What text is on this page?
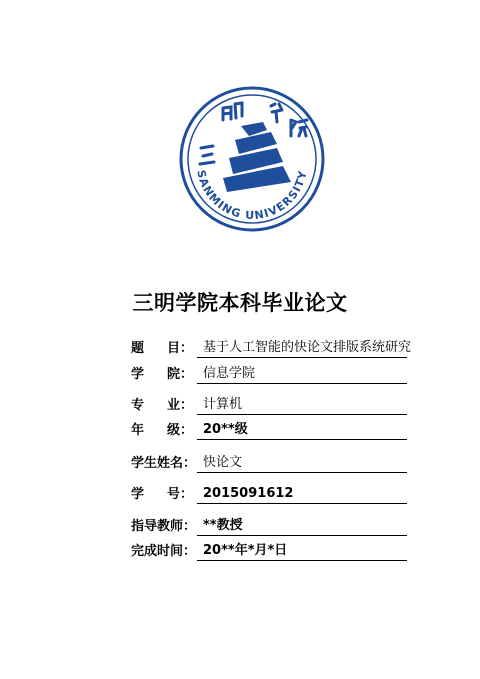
SANMING UNIVERSITY
三明学院本科毕业论文
题 目： 基于人工智能的快论文排版系统研究
学 院： 信息学院
专 业： 计算机
年 级： 20**级
学生姓名： 快论文
学 号： 2015091612
指导教师： **教授
完成时间： 20**年*月*日
